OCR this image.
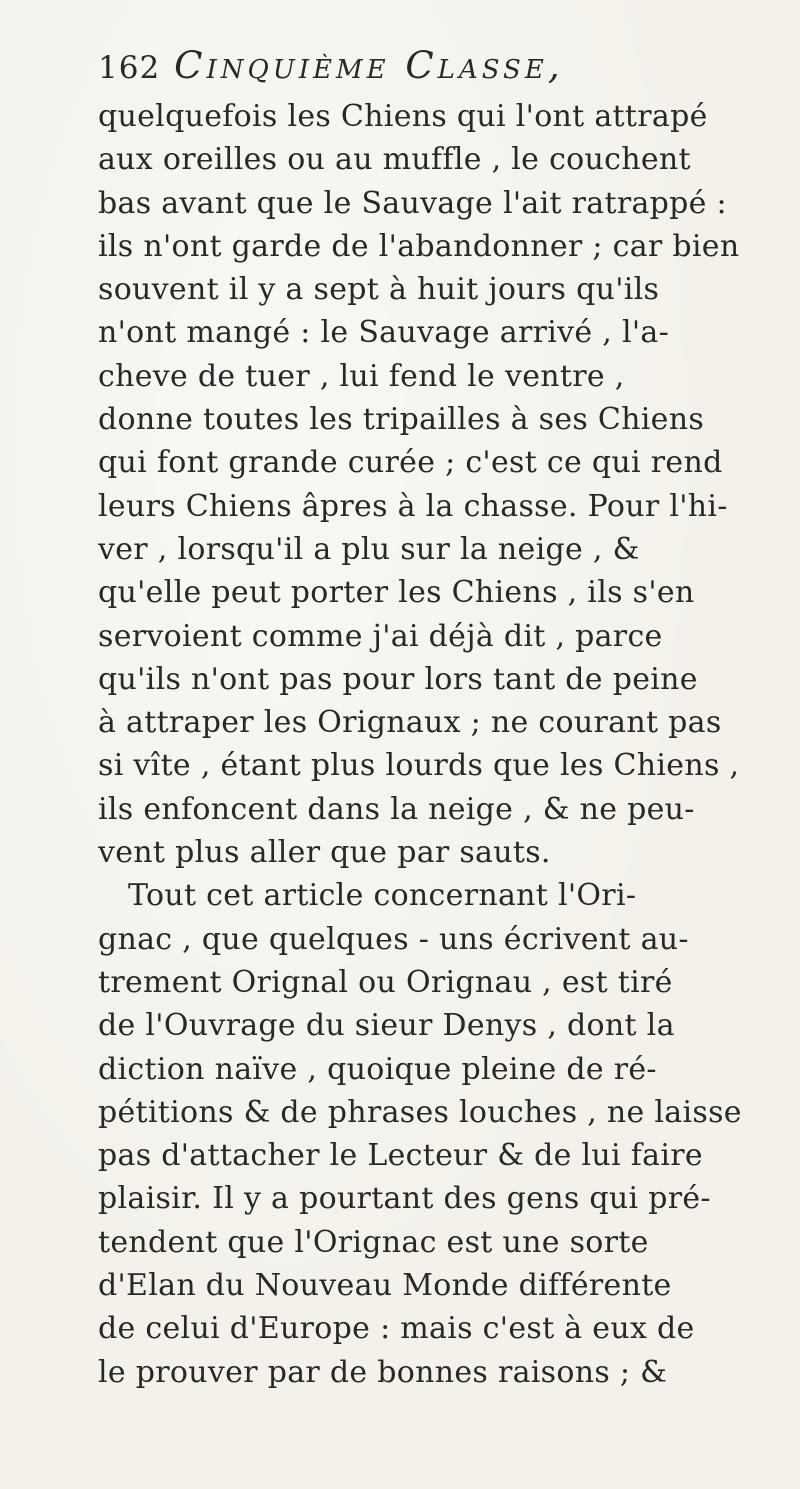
162 Cinquième Classe,
quelquefois les Chiens qui l'ont attrapé
aux oreilles ou au muffle , le couchent
bas avant que le Sauvage l'ait ratrappé :
ils n'ont garde de l'abandonner ; car bien
souvent il y a sept à huit jours qu'ils
n'ont mangé : le Sauvage arrivé , l'a-
cheve de tuer , lui fend le ventre ,
donne toutes les tripailles à ses Chiens
qui font grande curée ; c'est ce qui rend
leurs Chiens âpres à la chasse. Pour l'hi-
ver , lorsqu'il a plu sur la neige , &
qu'elle peut porter les Chiens , ils s'en
servoient comme j'ai déjà dit , parce
qu'ils n'ont pas pour lors tant de peine
à attraper les Orignaux ; ne courant pas
si vîte , étant plus lourds que les Chiens ,
ils enfoncent dans la neige , & ne peu-
vent plus aller que par sauts.
Tout cet article concernant l'Ori-
gnac , que quelques - uns écrivent au-
trement Orignal ou Orignau , est tiré
de l'Ouvrage du sieur Denys , dont la
diction naïve , quoique pleine de ré-
pétitions & de phrases louches , ne laisse
pas d'attacher le Lecteur & de lui faire
plaisir. Il y a pourtant des gens qui pré-
tendent que l'Orignac est une sorte
d'Elan du Nouveau Monde différente
de celui d'Europe : mais c'est à eux de
le prouver par de bonnes raisons ; &
